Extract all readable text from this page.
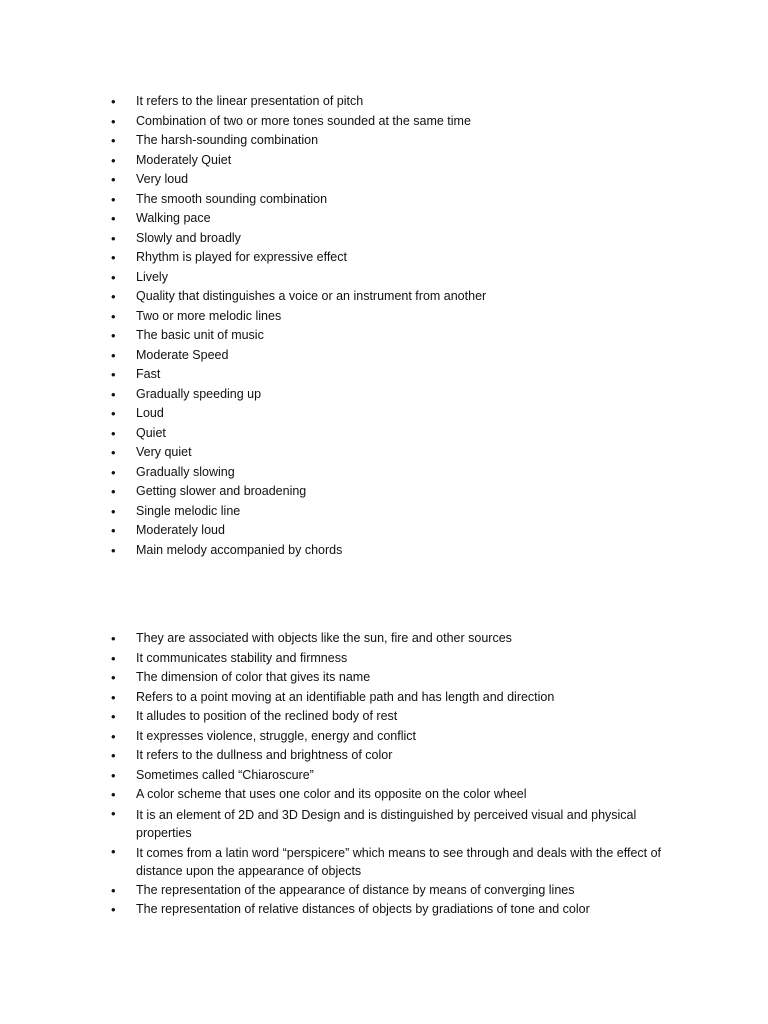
• It refers to the linear presentation of pitch
• Combination of two or more tones sounded at the same time
• The harsh-sounding combination
• Moderately Quiet
• Very loud
• The smooth sounding combination
• Walking pace
• Slowly and broadly
• Rhythm is played for expressive effect
• Lively
• Quality that distinguishes a voice or an instrument from another
• Two or more melodic lines
• The basic unit of music
• Moderate Speed
• Fast
• Gradually speeding up
• Loud
• Quiet
• Very quiet
• Gradually slowing
• Getting slower and broadening
• Single melodic line
• Moderately loud
• Main melody accompanied by chords
• They are associated with objects like the sun, fire and other sources
• It communicates stability and firmness
• The dimension of color that gives its name
• Refers to a point moving at an identifiable path and has length and direction
• It alludes to position of the reclined body of rest
• It expresses violence, struggle, energy and conflict
• It refers to the dullness and brightness of color
• Sometimes called “Chiaroscure”
• A color scheme that uses one color and its opposite on the color wheel
• It is an element of 2D and 3D Design and is distinguished by perceived visual and physical properties
• It comes from a latin word “perspicere” which means to see through and deals with the effect of distance upon the appearance of objects
• The representation of the appearance of distance by means of converging lines
• The representation of relative distances of objects by gradiations of tone and color
